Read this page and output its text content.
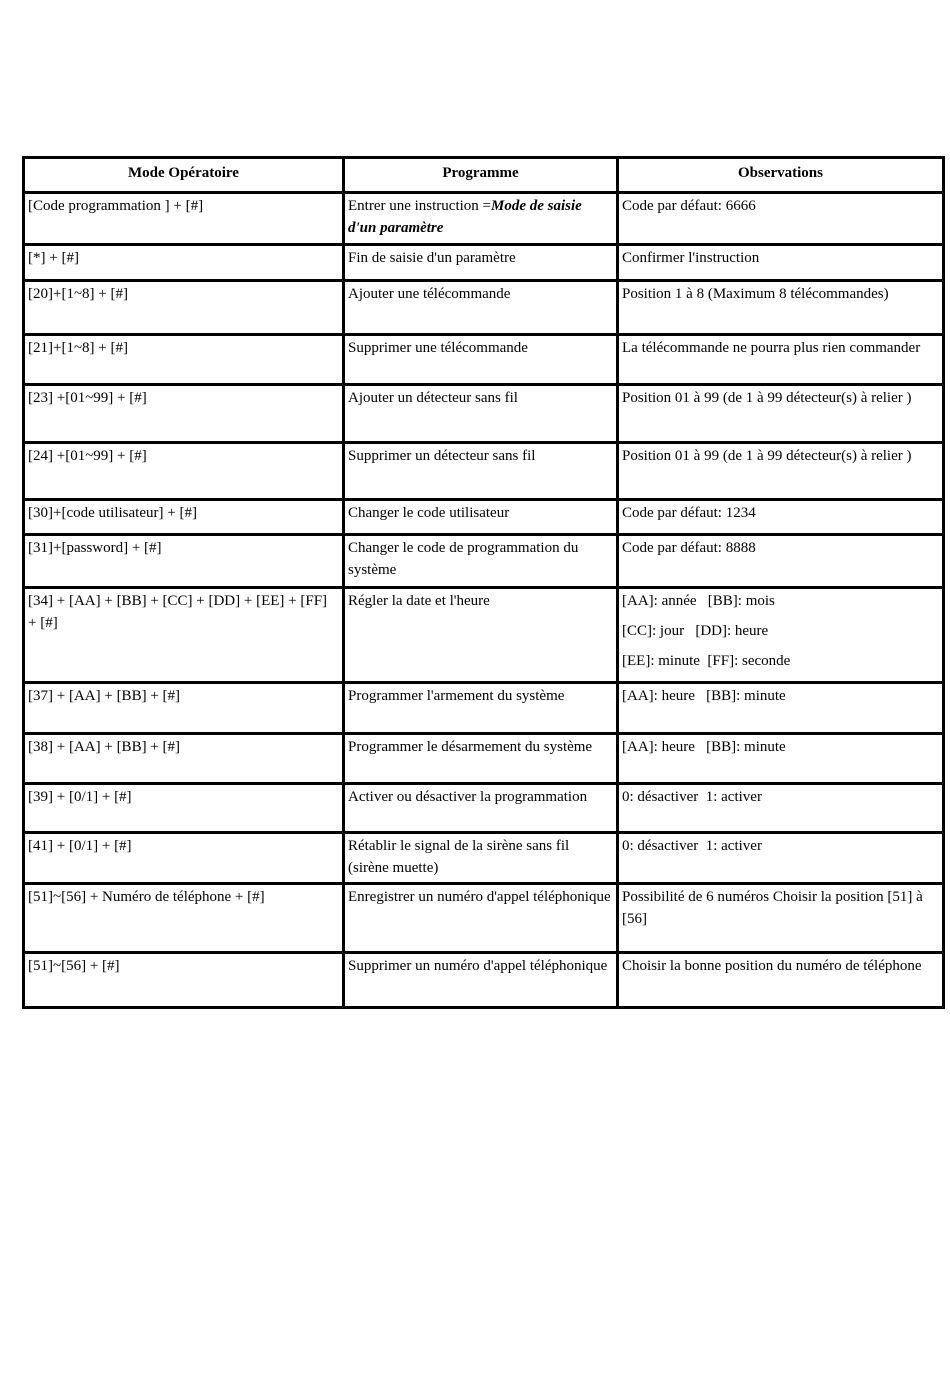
Mode Opératoire	Programme	Observations
[Code programmation ] + [#]	Entrer une instruction =Mode de saisie d'un paramètre	Code par défaut: 6666

[*] + [#]	Fin de saisie d'un paramètre	Confirmer l'instruction

[20]+[1~8] + [#]	Ajouter une télécommande	Position 1 à 8 (Maximum 8 télécommandes)

[21]+[1~8] + [#]	Supprimer une télécommande	La télécommande ne pourra plus rien commander

[23] +[01~99] + [#]	Ajouter un détecteur sans fil	Position 01 à 99 (de 1 à 99 détecteur(s) à relier )

[24] +[01~99] + [#]	Supprimer un détecteur sans fil	Position 01 à 99 (de 1 à 99 détecteur(s) à relier )

[30]+[code utilisateur] + [#]	Changer le code utilisateur	Code par défaut: 1234

[31]+[password] + [#]	Changer le code de programmation du système	Code par défaut: 8888

[34] + [AA] + [BB] + [CC] + [DD] + [EE] + [FF] + [#]	Régler la date et l'heure	[AA]: année   [BB]: mois
[CC]: jour   [DD]: heure
[EE]: minute  [FF]: seconde

[37] + [AA] + [BB] + [#]	Programmer l'armement du système	[AA]: heure   [BB]: minute

[38] + [AA] + [BB] + [#]	Programmer le désarmement du système	[AA]: heure   [BB]: minute

[39] + [0/1] + [#]	Activer ou désactiver la programmation	0: désactiver  1: activer

[41] + [0/1] + [#]	Rétablir le signal de la sirène sans fil (sirène muette)	0: désactiver  1: activer

[51]~[56] + Numéro de téléphone + [#]	Enregistrer un numéro d'appel téléphonique	Possibilité de 6 numéros Choisir la position [51] à [56]

[51]~[56] + [#]	Supprimer un numéro d'appel téléphonique	Choisir la bonne position du numéro de téléphone
